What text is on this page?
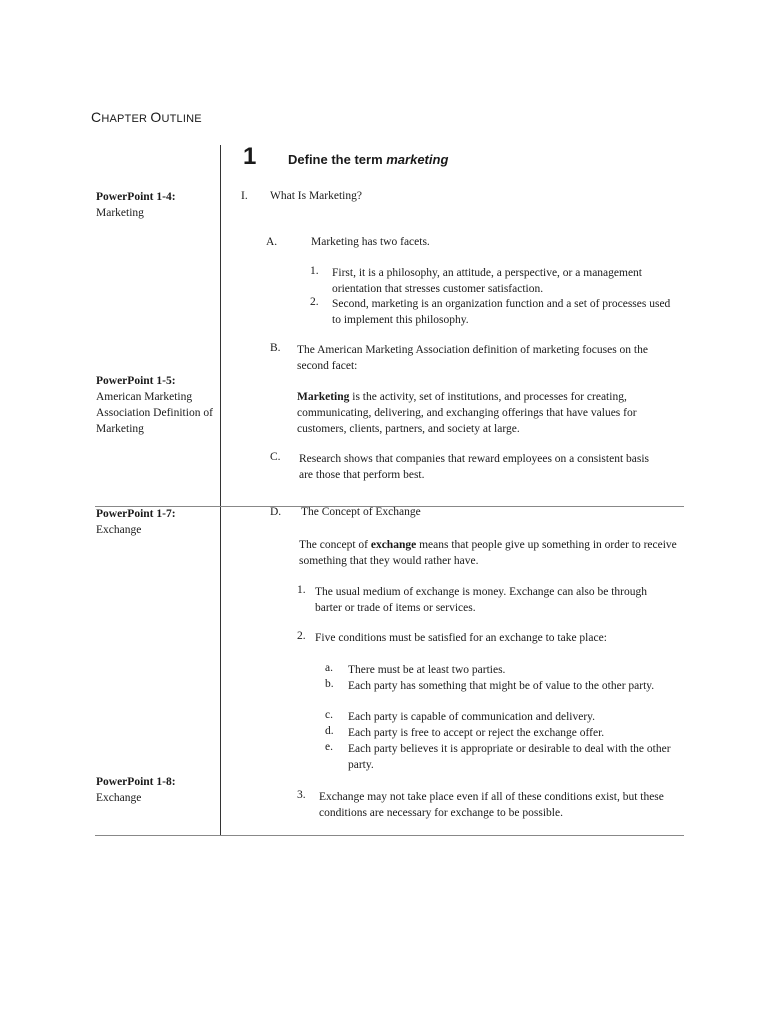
CHAPTER OUTLINE
1 Define the term marketing
PowerPoint 1-4:
Marketing
PowerPoint 1-5:
American Marketing Association Definition of Marketing
PowerPoint 1-7:
Exchange
PowerPoint 1-8:
Exchange
I. What Is Marketing?
A.	Marketing has two facets.
1. First, it is a philosophy, an attitude, a perspective, or a management orientation that stresses customer satisfaction.
2. Second, marketing is an organization function and a set of processes used to implement this philosophy.
B. The American Marketing Association definition of marketing focuses on the second facet:
Marketing is the activity, set of institutions, and processes for creating, communicating, delivering, and exchanging offerings that have values for customers, clients, partners, and society at large.
C. Research shows that companies that reward employees on a consistent basis are those that perform best.
D. The Concept of Exchange
The concept of exchange means that people give up something in order to receive something that they would rather have.
1. The usual medium of exchange is money. Exchange can also be through barter or trade of items or services.
2. Five conditions must be satisfied for an exchange to take place:
a. There must be at least two parties.
b. Each party has something that might be of value to the other party.
c. Each party is capable of communication and delivery.
d. Each party is free to accept or reject the exchange offer.
e. Each party believes it is appropriate or desirable to deal with the other party.
3. Exchange may not take place even if all of these conditions exist, but these conditions are necessary for exchange to be possible.
